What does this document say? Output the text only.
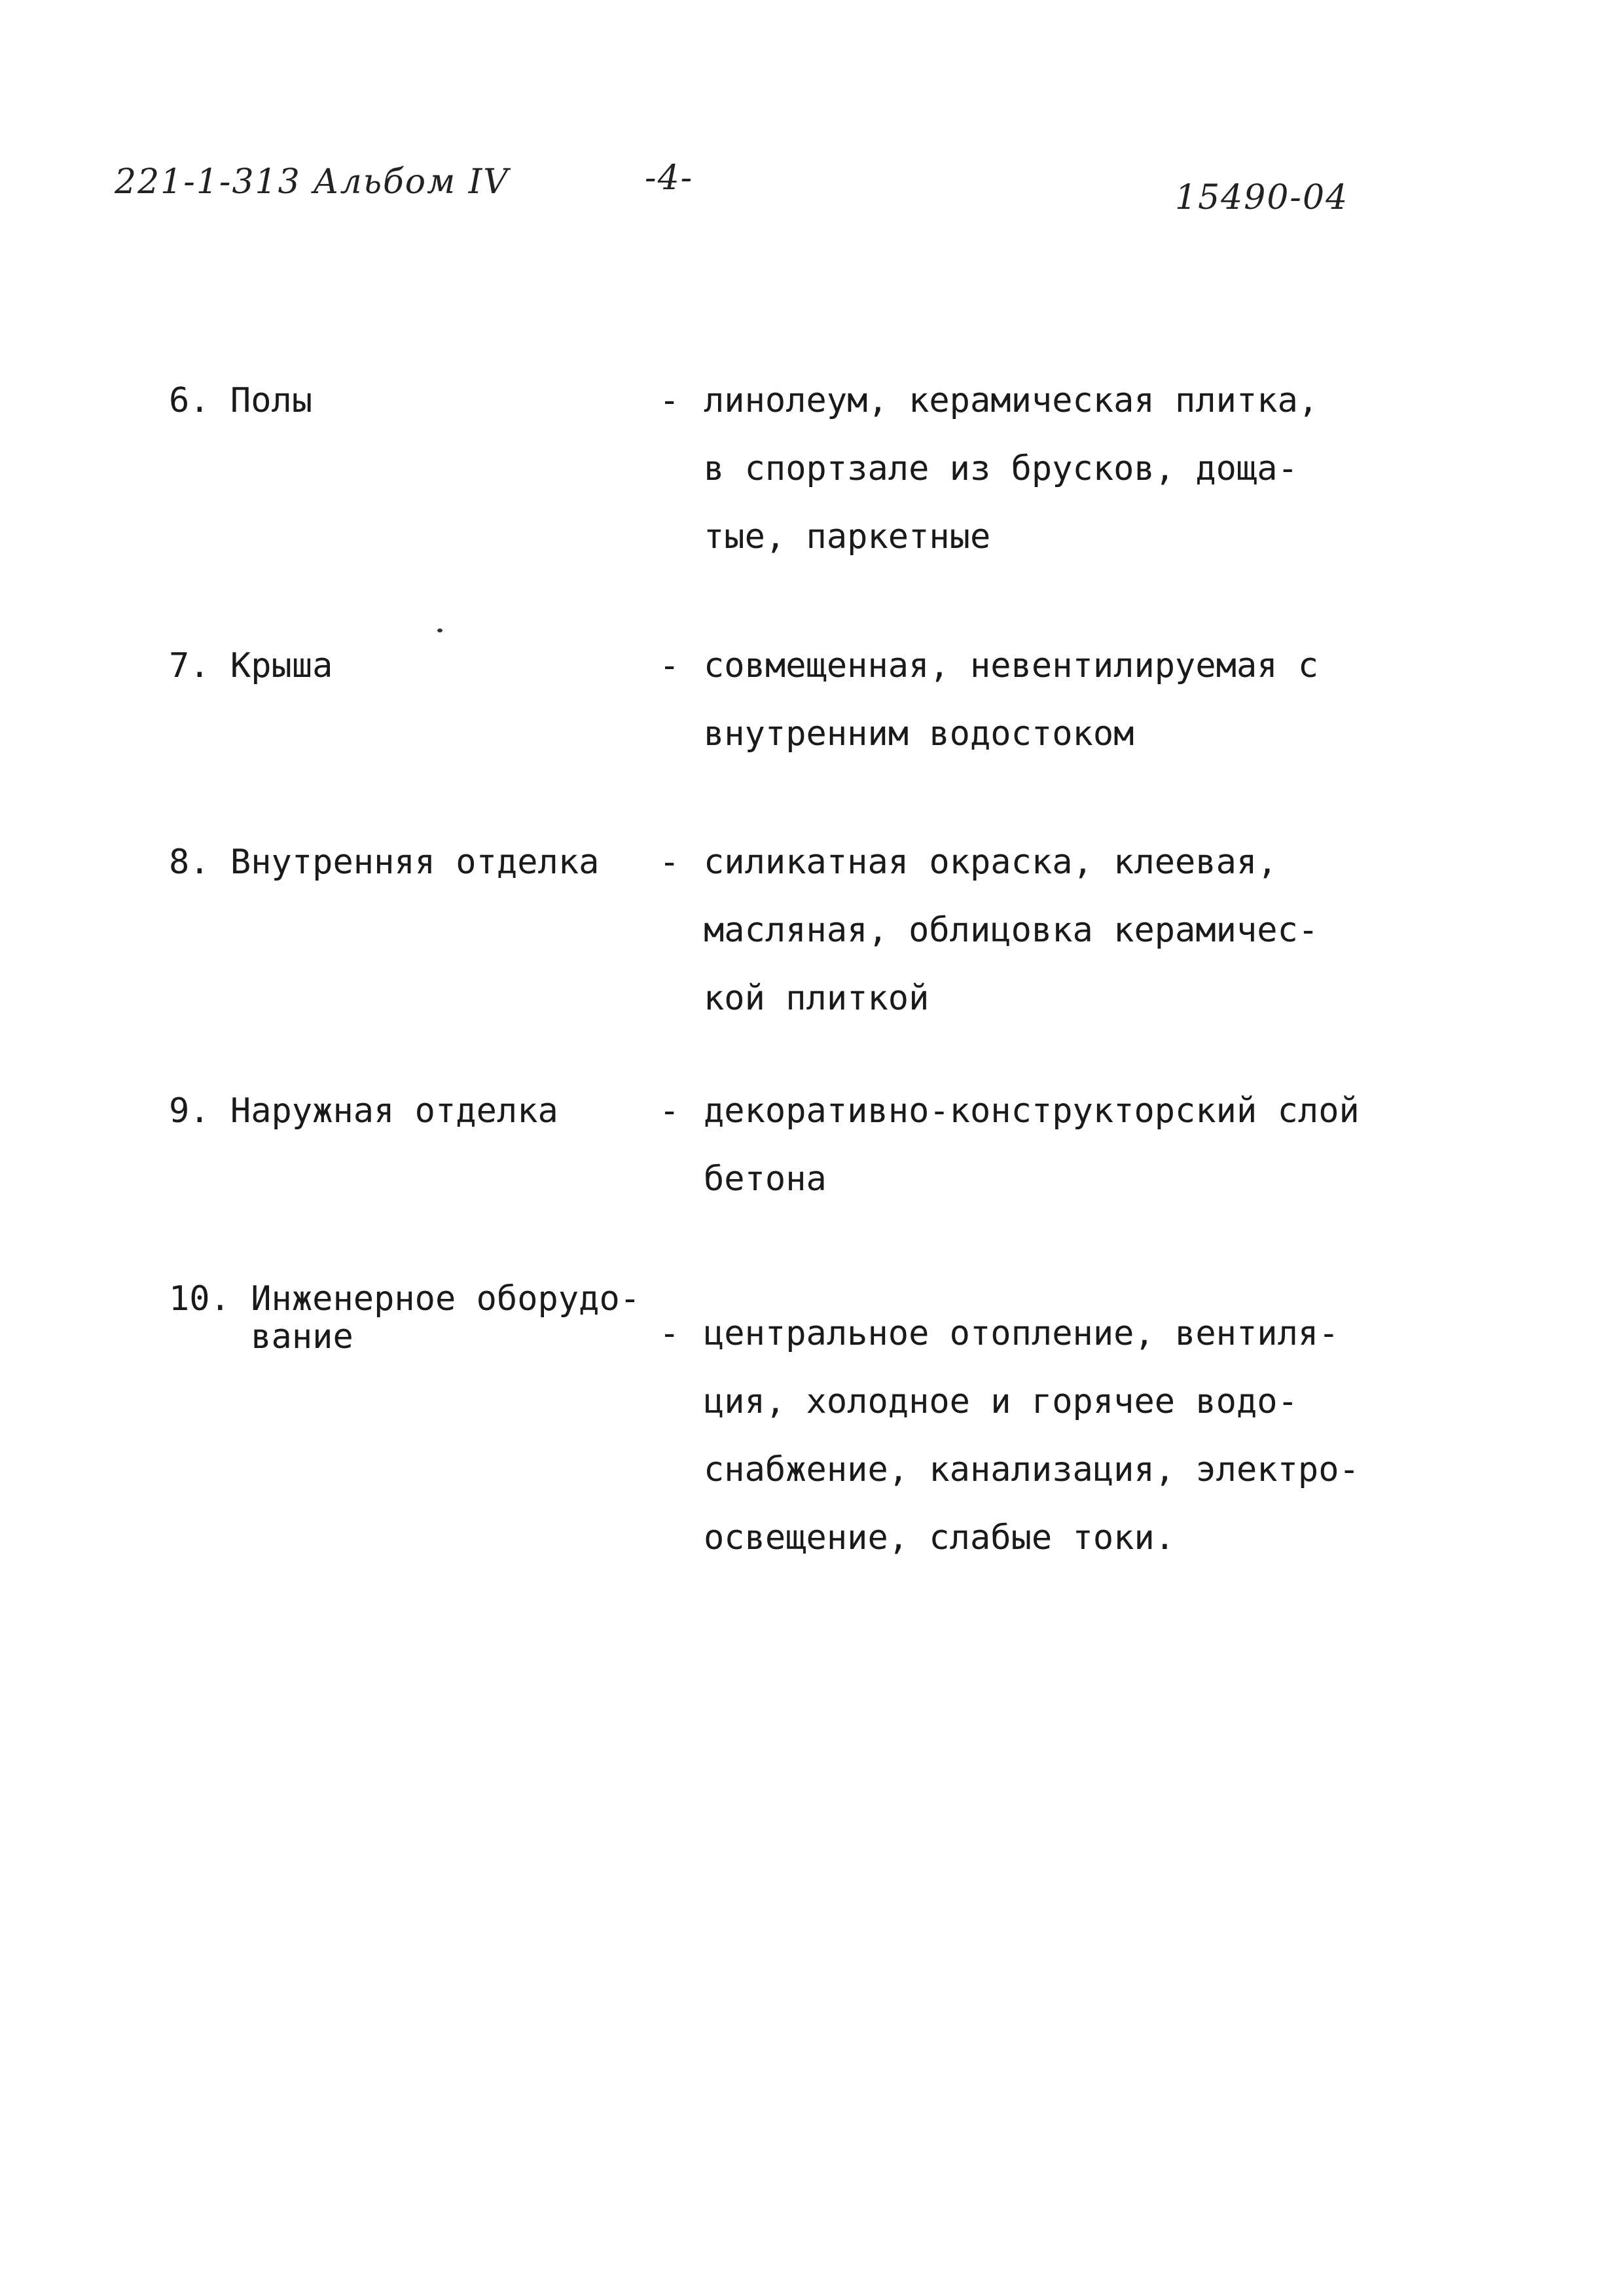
221-1-313 Альбом IV	-4-	15490-04
6. Полы	- линолеум, керамическая плитка,
в спортзале из брусков, доща-
тые, паркетные
7. Крыша	- совмещенная, невентилируемая с
внутренним водостоком
8. Внутренняя отделка - силикатная окраска, клеевая,
масляная, облицовка керамичес-
кой плиткой
9. Наружная отделка	- декоративно-конструкторский слой
бетона
10. Инженерное оборудо-
вание	- центральное отопление, вентиля-
ция, холодное и горячее водо-
снабжение, канализация, электро-
освещение, слабые токи.
